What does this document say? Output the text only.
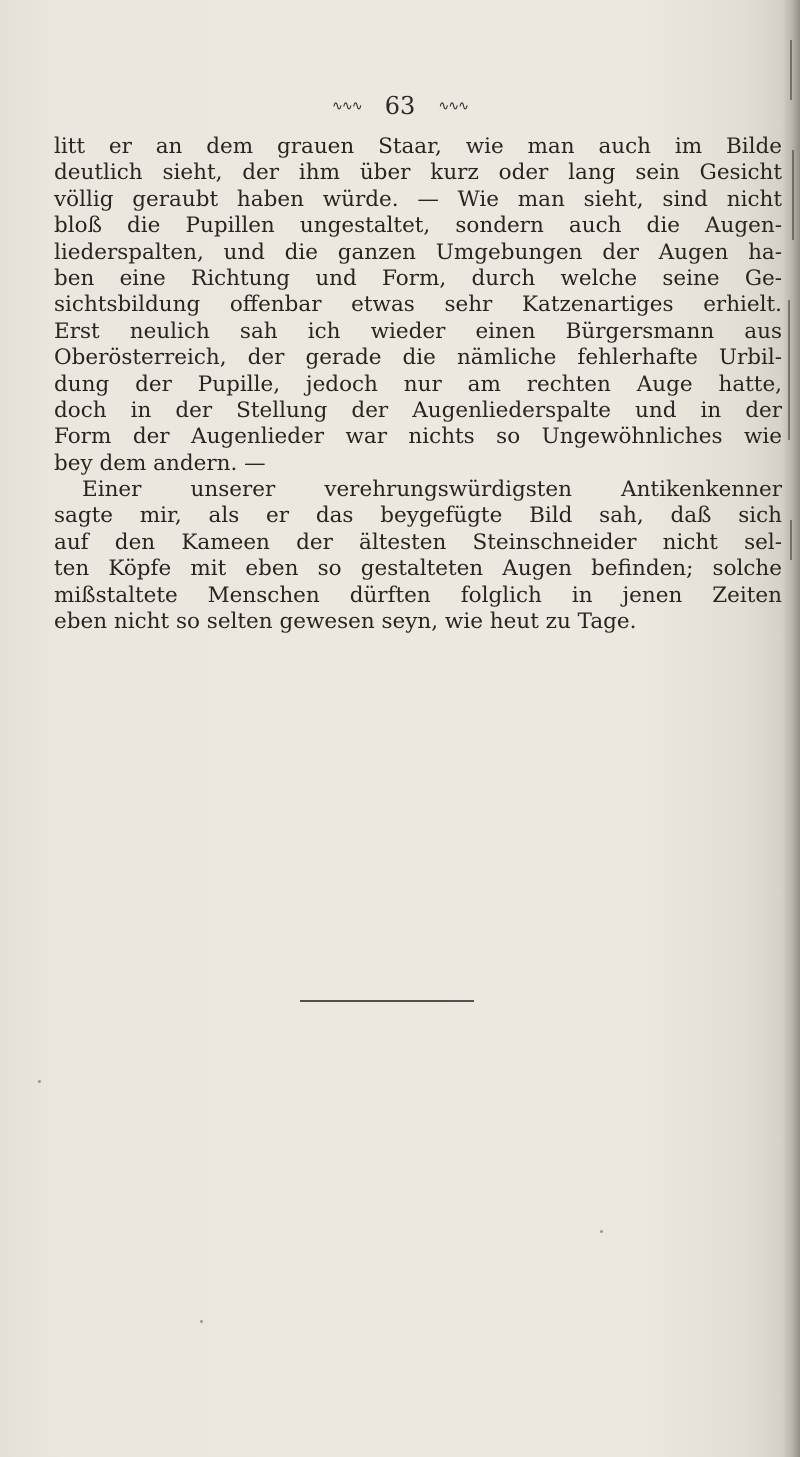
∿∿∿ 63 ∿∿∿
litt er an dem grauen Staar, wie man auch im Bilde
deutlich sieht, der ihm über kurz oder lang sein Gesicht
völlig geraubt haben würde. — Wie man sieht, sind nicht
bloß die Pupillen ungestaltet, sondern auch die Augen-
liederspalten, und die ganzen Umgebungen der Augen ha-
ben eine Richtung und Form, durch welche seine Ge-
sichtsbildung offenbar etwas sehr Katzenartiges erhielt.
Erst neulich sah ich wieder einen Bürgersmann aus
Oberösterreich, der gerade die nämliche fehlerhafte Urbil-
dung der Pupille, jedoch nur am rechten Auge hatte,
doch in der Stellung der Augenliederspalte und in der
Form der Augenlieder war nichts so Ungewöhnliches wie
bey dem andern. —
Einer unserer verehrungswürdigsten Antikenkenner
sagte mir, als er das beygefügte Bild sah, daß sich
auf den Kameen der ältesten Steinschneider nicht sel-
ten Köpfe mit eben so gestalteten Augen befinden; solche
mißstaltete Menschen dürften folglich in jenen Zeiten
eben nicht so selten gewesen seyn, wie heut zu Tage.
